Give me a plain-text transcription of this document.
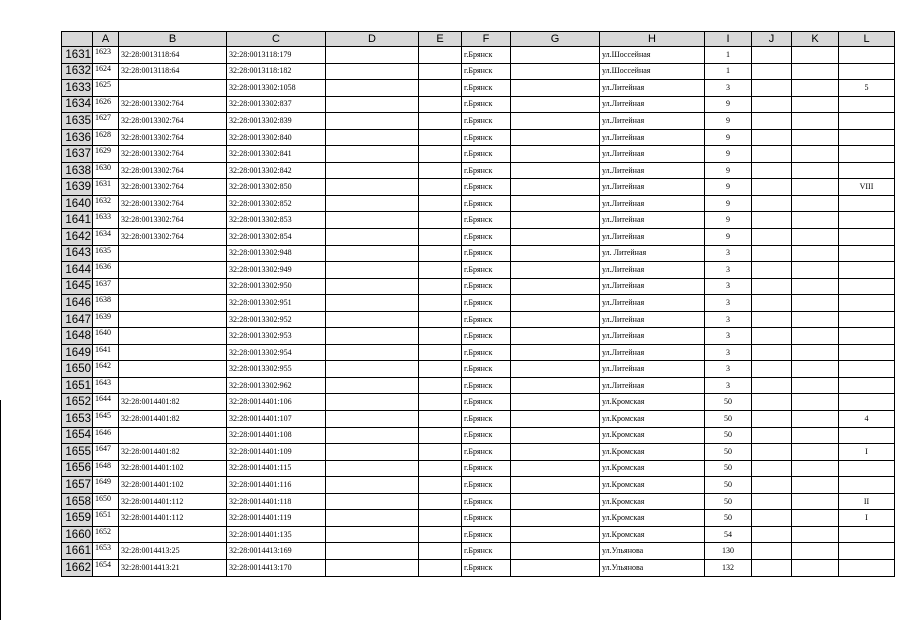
	A	B	C	D	E	F	G	H	I	J	K	L
1631	1623	32:28:0013118:64	32:28:0013118:179			г.Брянск		ул.Шоссейная	1			
1632	1624	32:28:0013118:64	32:28:0013118:182			г.Брянск		ул.Шоссейная	1			
1633	1625		32:28:0013302:1058			г.Брянск		ул.Литейная	3			5
1634	1626	32:28:0013302:764	32:28:0013302:837			г.Брянск		ул.Литейная	9			
1635	1627	32:28:0013302:764	32:28:0013302:839			г.Брянск		ул.Литейная	9			
1636	1628	32:28:0013302:764	32:28:0013302:840			г.Брянск		ул.Литейная	9			
1637	1629	32:28:0013302:764	32:28:0013302:841			г.Брянск		ул.Литейная	9			
1638	1630	32:28:0013302:764	32:28:0013302:842			г.Брянск		ул.Литейная	9			
1639	1631	32:28:0013302:764	32:28:0013302:850			г.Брянск		ул.Литейная	9			VIII
1640	1632	32:28:0013302:764	32:28:0013302:852			г.Брянск		ул.Литейная	9			
1641	1633	32:28:0013302:764	32:28:0013302:853			г.Брянск		ул.Литейная	9			
1642	1634	32:28:0013302:764	32:28:0013302:854			г.Брянск		ул.Литейная	9			
1643	1635		32:28:0013302:948			г.Брянск		ул. Литейная	3			
1644	1636		32:28:0013302:949			г.Брянск		ул.Литейная	3			
1645	1637		32:28:0013302:950			г.Брянск		ул.Литейная	3			
1646	1638		32:28:0013302:951			г.Брянск		ул.Литейная	3			
1647	1639		32:28:0013302:952			г.Брянск		ул.Литейная	3			
1648	1640		32:28:0013302:953			г.Брянск		ул.Литейная	3			
1649	1641		32:28:0013302:954			г.Брянск		ул.Литейная	3			
1650	1642		32:28:0013302:955			г.Брянск		ул.Литейная	3			
1651	1643		32:28:0013302:962			г.Брянск		ул.Литейная	3			
1652	1644	32:28:0014401:82	32:28:0014401:106			г.Брянск		ул.Кромская	50			
1653	1645	32:28:0014401:82	32:28:0014401:107			г.Брянск		ул.Кромская	50			4
1654	1646		32:28:0014401:108			г.Брянск		ул.Кромская	50			
1655	1647	32:28:0014401:82	32:28:0014401:109			г.Брянск		ул.Кромская	50			I
1656	1648	32:28:0014401:102	32:28:0014401:115			г.Брянск		ул.Кромская	50			
1657	1649	32:28:0014401:102	32:28:0014401:116			г.Брянск		ул.Кромская	50			
1658	1650	32:28:0014401:112	32:28:0014401:118			г.Брянск		ул.Кромская	50			II
1659	1651	32:28:0014401:112	32:28:0014401:119			г.Брянск		ул.Кромская	50			I
1660	1652		32:28:0014401:135			г.Брянск		ул.Кромская	54			
1661	1653	32:28:0014413:25	32:28:0014413:169			г.Брянск		ул.Ульянова	130			
1662	1654	32:28:0014413:21	32:28:0014413:170			г.Брянск		ул.Ульянова	132			
